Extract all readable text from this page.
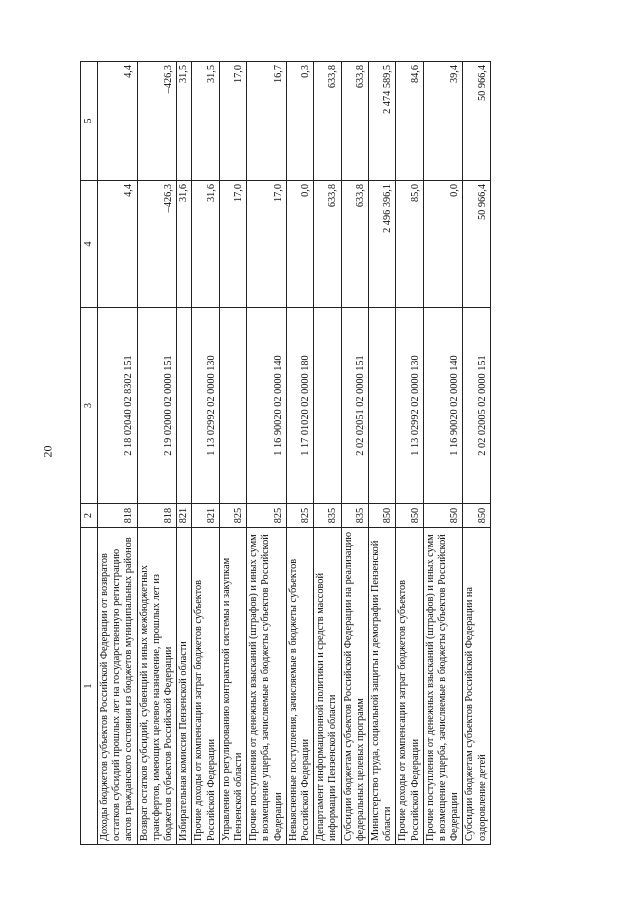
20
1	2	3	4	5
Доходы бюджетов субъектов Российской Федерации от возвратов остатков субсидий прошлых лет на государственную регистрацию актов гражданского состояния из бюджетов муниципальных районов	818	2 18 02040 02 8302 151	4,4	4,4
Возврат остатков субсидий, субвенций и иных межбюджетных трансфертов, имеющих целевое назначение, прошлых лет из бюджетов субъектов Российской Федерации	818	2 19 02000 02 0000 151	–426,3	–426,3
Избирательная комиссия Пензенской области	821		31,6	31,5
Прочие доходы от компенсации затрат бюджетов субъектов Российской Федерации	821	1 13 02992 02 0000 130	31,6	31,5
Управление по регулированию контрактной системы и закупкам Пензенской области	825		17,0	17,0
Прочие поступления от денежных взысканий (штрафов) и иных сумм в возмещение ущерба, зачисляемые в бюджеты субъектов Российской Федерации	825	1 16 90020 02 0000 140	17,0	16,7
Невыясненные поступления, зачисляемые в бюджеты субъектов Российской Федерации	825	1 17 01020 02 0000 180	0,0	0,3
Департамент информационной политики и средств массовой информации Пензенской области	835		633,8	633,8
Субсидии бюджетам субъектов Российской Федерации на реализацию федеральных целевых программ	835	2 02 02051 02 0000 151	633,8	633,8
Министерство труда, социальной защиты и демографии Пензенской области	850		2 496 396,1	2 474 589,5
Прочие доходы от компенсации затрат бюджетов субъектов Российской Федерации	850	1 13 02992 02 0000 130	85,0	84,6
Прочие поступления от денежных взысканий (штрафов) и иных сумм в возмещение ущерба, зачисляемые в бюджеты субъектов Российской Федерации	850	1 16 90020 02 0000 140	0,0	39,4
Субсидии бюджетам субъектов Российской Федерации на оздоровление детей	850	2 02 02005 02 0000 151	50 966,4	50 966,4
